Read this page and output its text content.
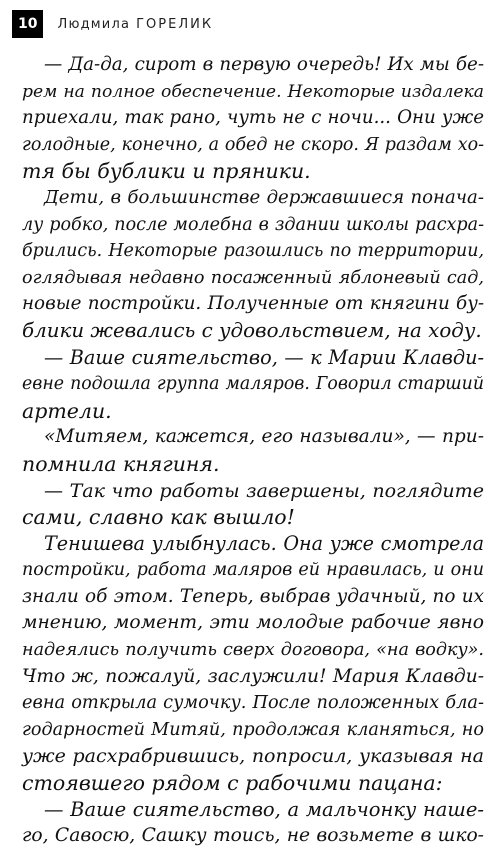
10	Людмила ГОРЕЛИК
— Да-да, сирот в первую очередь! Их мы бе-
рем на полное обеспечение. Некоторые издалека
приехали, так рано, чуть не с ночи... Они уже
голодные, конечно, а обед не скоро. Я раздам хо-
тя бы бублики и пряники.
Дети, в большинстве державшиеся понача-
лу робко, после молебна в здании школы расхра-
брились. Некоторые разошлись по территории,
оглядывая недавно посаженный яблоневый сад,
новые постройки. Полученные от княгини бу-
блики жевались с удовольствием, на ходу.
— Ваше сиятельство, — к Марии Клавди-
евне подошла группа маляров. Говорил старший
артели.
«Митяем, кажется, его называли», — при-
помнила княгиня.
— Так что работы завершены, поглядите
сами, славно как вышло!
Тенишева улыбнулась. Она уже смотрела
постройки, работа маляров ей нравилась, и они
знали об этом. Теперь, выбрав удачный, по их
мнению, момент, эти молодые рабочие явно
надеялись получить сверх договора, «на водку».
Что ж, пожалуй, заслужили! Мария Клавди-
евна открыла сумочку. После положенных бла-
годарностей Митяй, продолжая кланяться, но
уже расхрабрившись, попросил, указывая на
стоявшего рядом с рабочими пацана:
— Ваше сиятельство, а мальчонку наше-
го, Савосю, Сашку тоись, не возьмете в шко-
